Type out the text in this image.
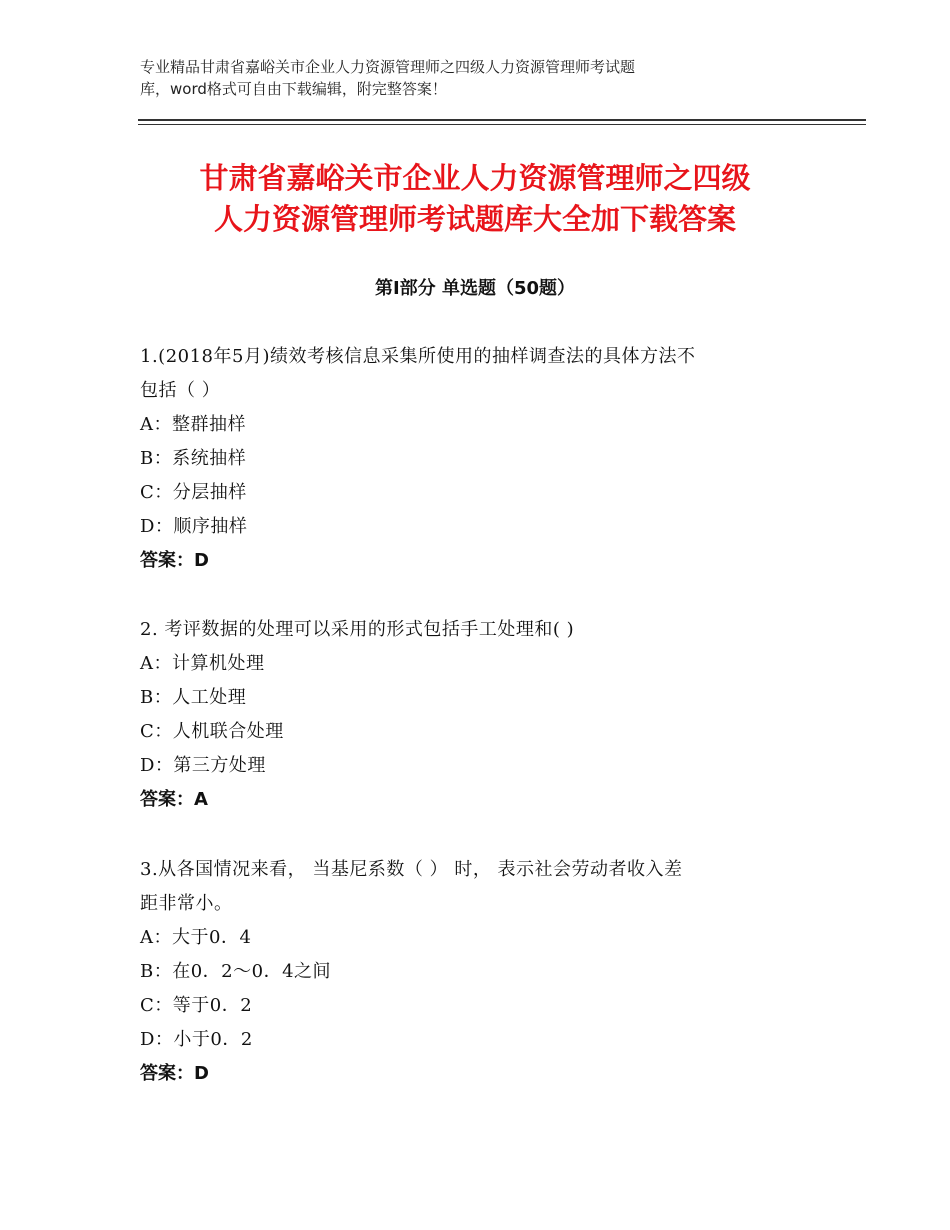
专业精品甘肃省嘉峪关市企业人力资源管理师之四级人力资源管理师考试题
库，word格式可自由下载编辑，附完整答案！
甘肃省嘉峪关市企业人力资源管理师之四级
人力资源管理师考试题库大全加下载答案
第Ⅰ部分 单选题（50题）
1.(2018年5月)绩效考核信息采集所使用的抽样调查法的具体方法不
包括（ ）
A：整群抽样
B：系统抽样
C：分层抽样
D：顺序抽样
答案：D
2. 考评数据的处理可以采用的形式包括手工处理和( )
A：计算机处理
B：人工处理
C：人机联合处理
D：第三方处理
答案：A
3.从各国情况来看， 当基尼系数（ ） 时， 表示社会劳动者收入差
距非常小。
A：大于0．4
B：在0．2～0．4之间
C：等于0．2
D：小于0．2
答案：D
